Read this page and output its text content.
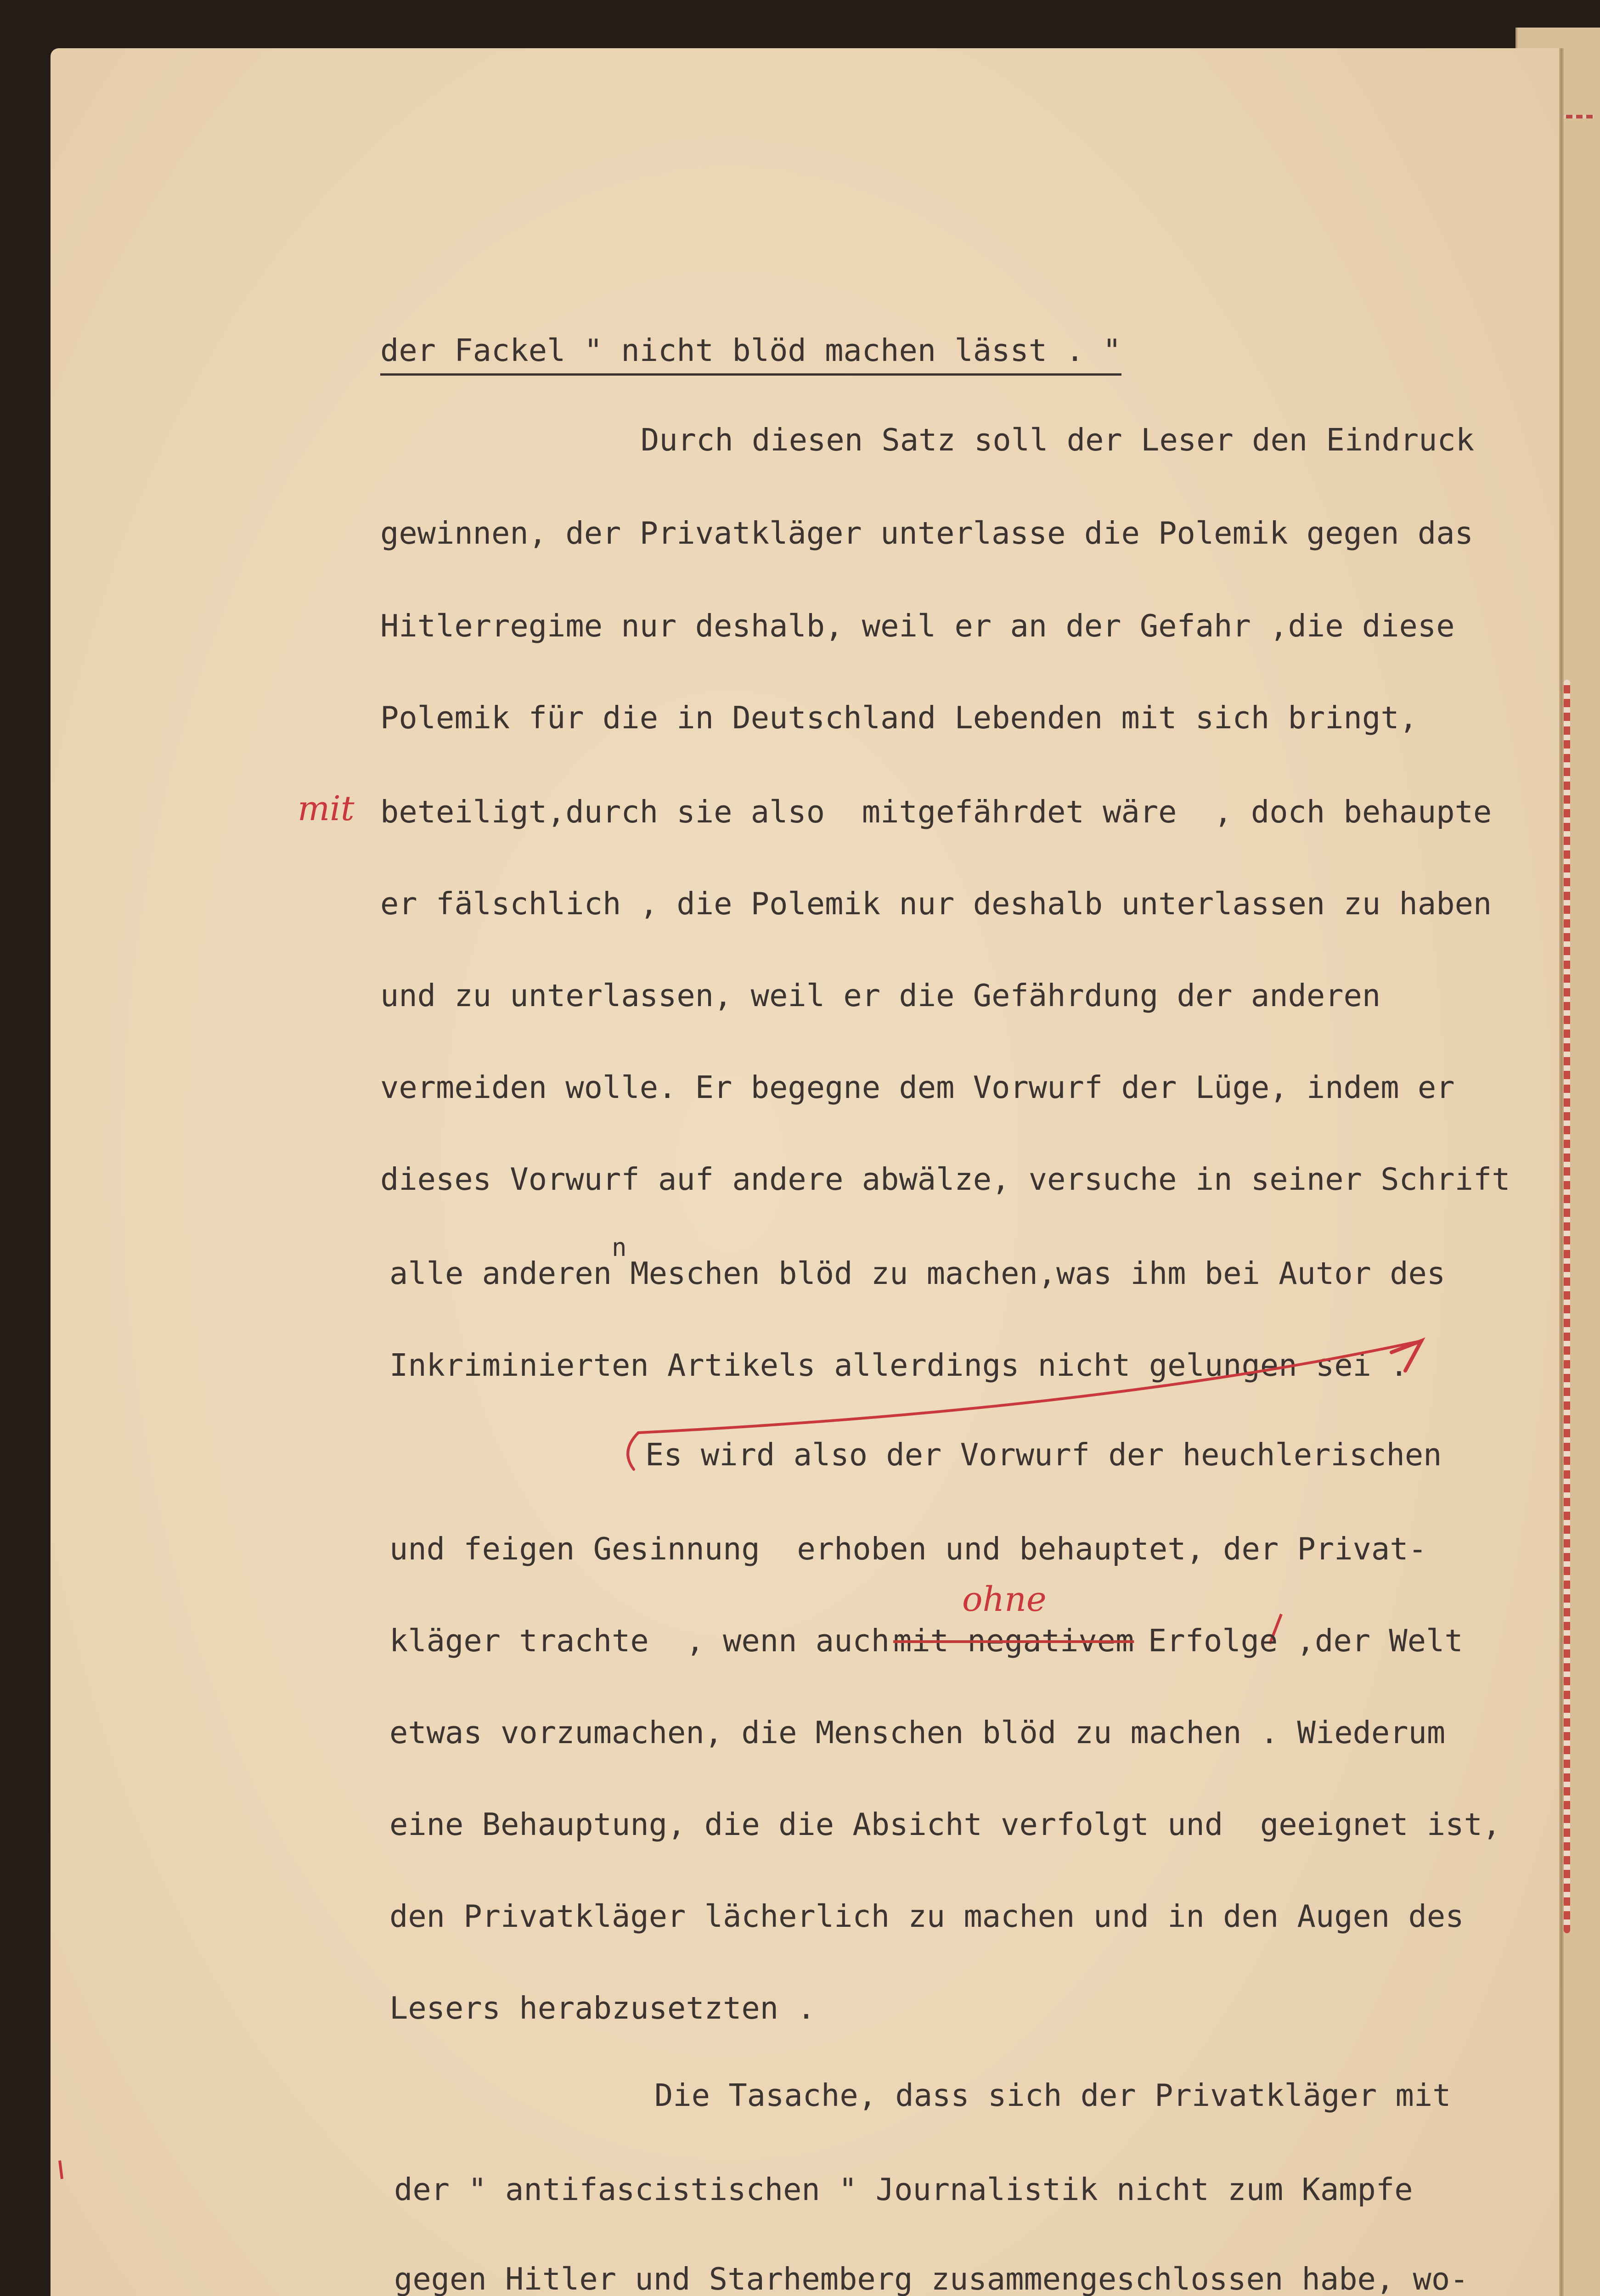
der Fackel " nicht blöd machen lässt . "

Durch diesen Satz soll der Leser den Eindruck

gewinnen, der Privatkläger unterlasse die Polemik gegen das

Hitlerregime nur deshalb, weil er an der Gefahr ,die diese

Polemik für die in Deutschland Lebenden mit sich bringt,

mit beteiligt,durch sie also  mitgefährdet wäre  , doch behaupte

er fälschlich , die Polemik nur deshalb unterlassen zu haben

und zu unterlassen, weil er die Gefährdung der anderen

vermeiden wolle. Er begegne dem Vorwurf der Lüge, indem er

dieses Vorwurf auf andere abwälze, versuche in seiner Schrift

n

alle anderen Meschen blöd zu machen,was ihm bei Autor des

Inkriminierten Artikels allerdings nicht gelungen sei .

Es wird also der Vorwurf der heuchlerischen

und feigen Gesinnung  erhoben und behauptet, der Privat-

kläger trachte  , wenn auch

ohne

mit negativem Erfolge ,der Welt

etwas vorzumachen, die Menschen blöd zu machen . Wiederum

eine Behauptung, die die Absicht verfolgt und  geeignet ist,

den Privatkläger lächerlich zu machen und in den Augen des

Lesers herabzusetzten .

Die Tasache, dass sich der Privatkläger mit

der " antifascistischen " Journalistik nicht zum Kampfe

gegen Hitler und Starhemberg zusammengeschlossen habe, wo-
